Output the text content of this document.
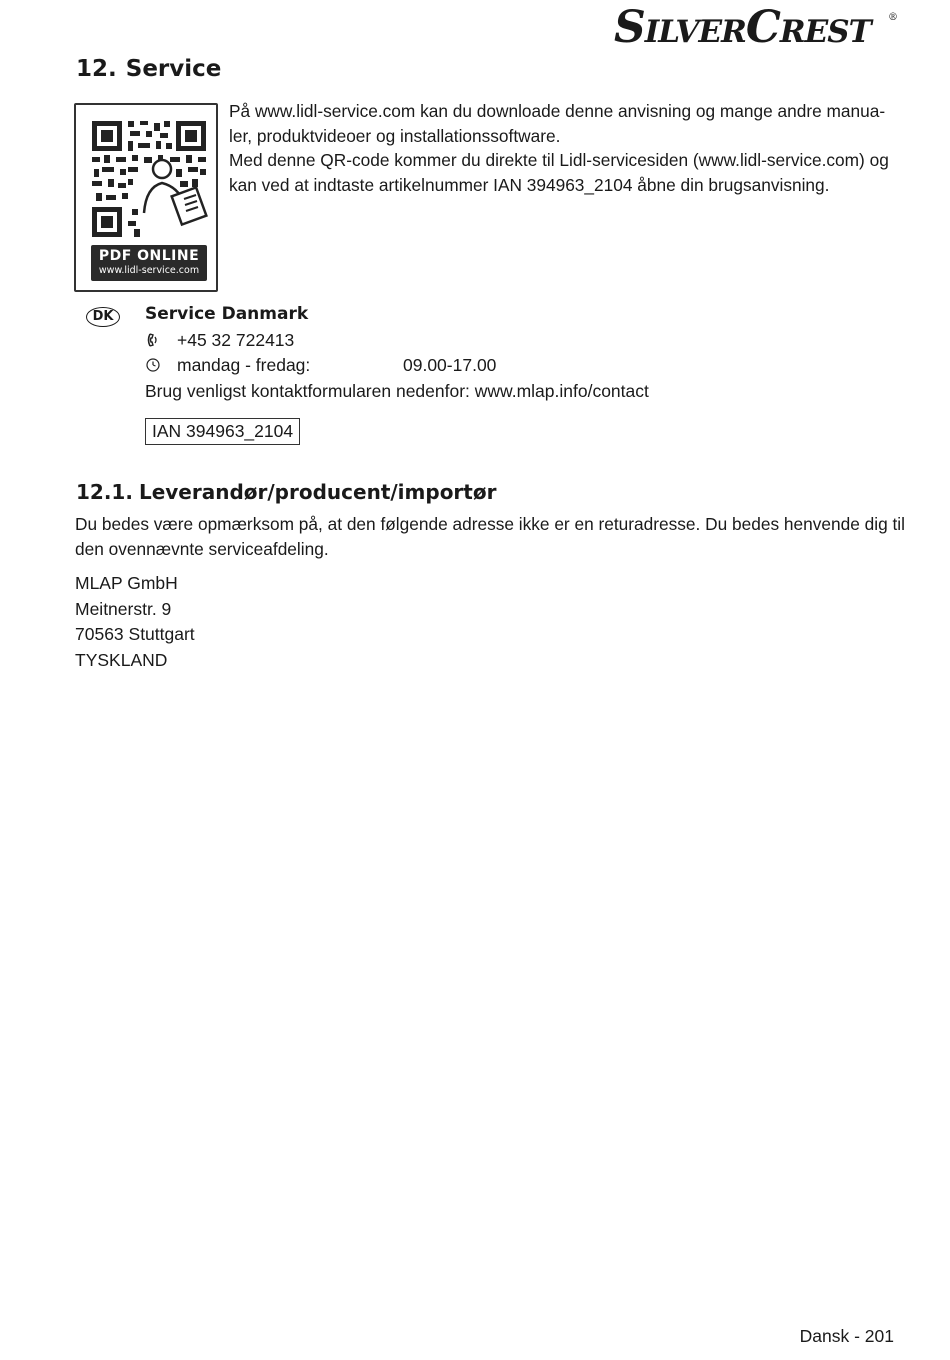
SILVERCREST ®
12. Service
PDF ONLINE
www.lidl-service.com

På www.lidl-service.com kan du downloade denne anvisning og mange andre manua-

ler, produktvideoer og installationssoftware.

Med denne QR-code kommer du direkte til Lidl-servicesiden (www.lidl-service.com) og

kan ved at indtaste artikelnummer IAN 394963_2104 åbne din brugsanvisning.

DK	Service Danmark
+45 32 722413
mandag - fredag:	09.00-17.00
Brug venligst kontaktformularen nedenfor: www.mlap.info/contact
IAN 394963_2104
12.1. Leverandør/producent/importør

Du bedes være opmærksom på, at den følgende adresse ikke er en returadresse. Du bedes henvende dig til

den ovennævnte serviceafdeling.

MLAP GmbH
Meitnerstr. 9
70563 Stuttgart
TYSKLAND
Dansk - 201
